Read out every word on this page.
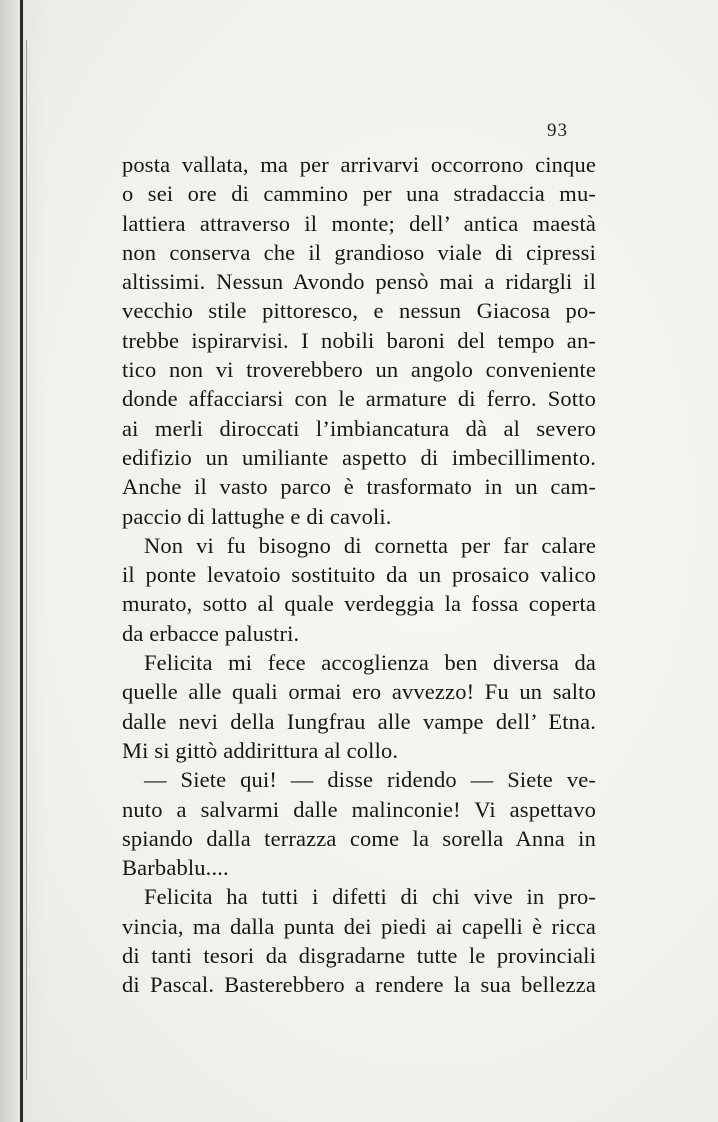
93
posta vallata, ma per arrivarvi occorrono cinque
o sei ore di cammino per una stradaccia mu-
lattiera attraverso il monte; dell’ antica maestà
non conserva che il grandioso viale di cipressi
altissimi. Nessun Avondo pensò mai a ridargli il
vecchio stile pittoresco, e nessun Giacosa po-
trebbe ispirarvisi. I nobili baroni del tempo an-
tico non vi troverebbero un angolo conveniente
donde affacciarsi con le armature di ferro. Sotto
ai merli diroccati l’imbiancatura dà al severo
edifizio un umiliante aspetto di imbecillimento.
Anche il vasto parco è trasformato in un cam-
paccio di lattughe e di cavoli.
Non vi fu bisogno di cornetta per far calare
il ponte levatoio sostituito da un prosaico valico
murato, sotto al quale verdeggia la fossa coperta
da erbacce palustri.
Felicita mi fece accoglienza ben diversa da
quelle alle quali ormai ero avvezzo! Fu un salto
dalle nevi della Iungfrau alle vampe dell’ Etna.
Mi si gittò addirittura al collo.
— Siete qui! — disse ridendo — Siete ve-
nuto a salvarmi dalle malinconie! Vi aspettavo
spiando dalla terrazza come la sorella Anna in
Barbablu....
Felicita ha tutti i difetti di chi vive in pro-
vincia, ma dalla punta dei piedi ai capelli è ricca
di tanti tesori da disgradarne tutte le provinciali
di Pascal. Basterebbero a rendere la sua bellezza
